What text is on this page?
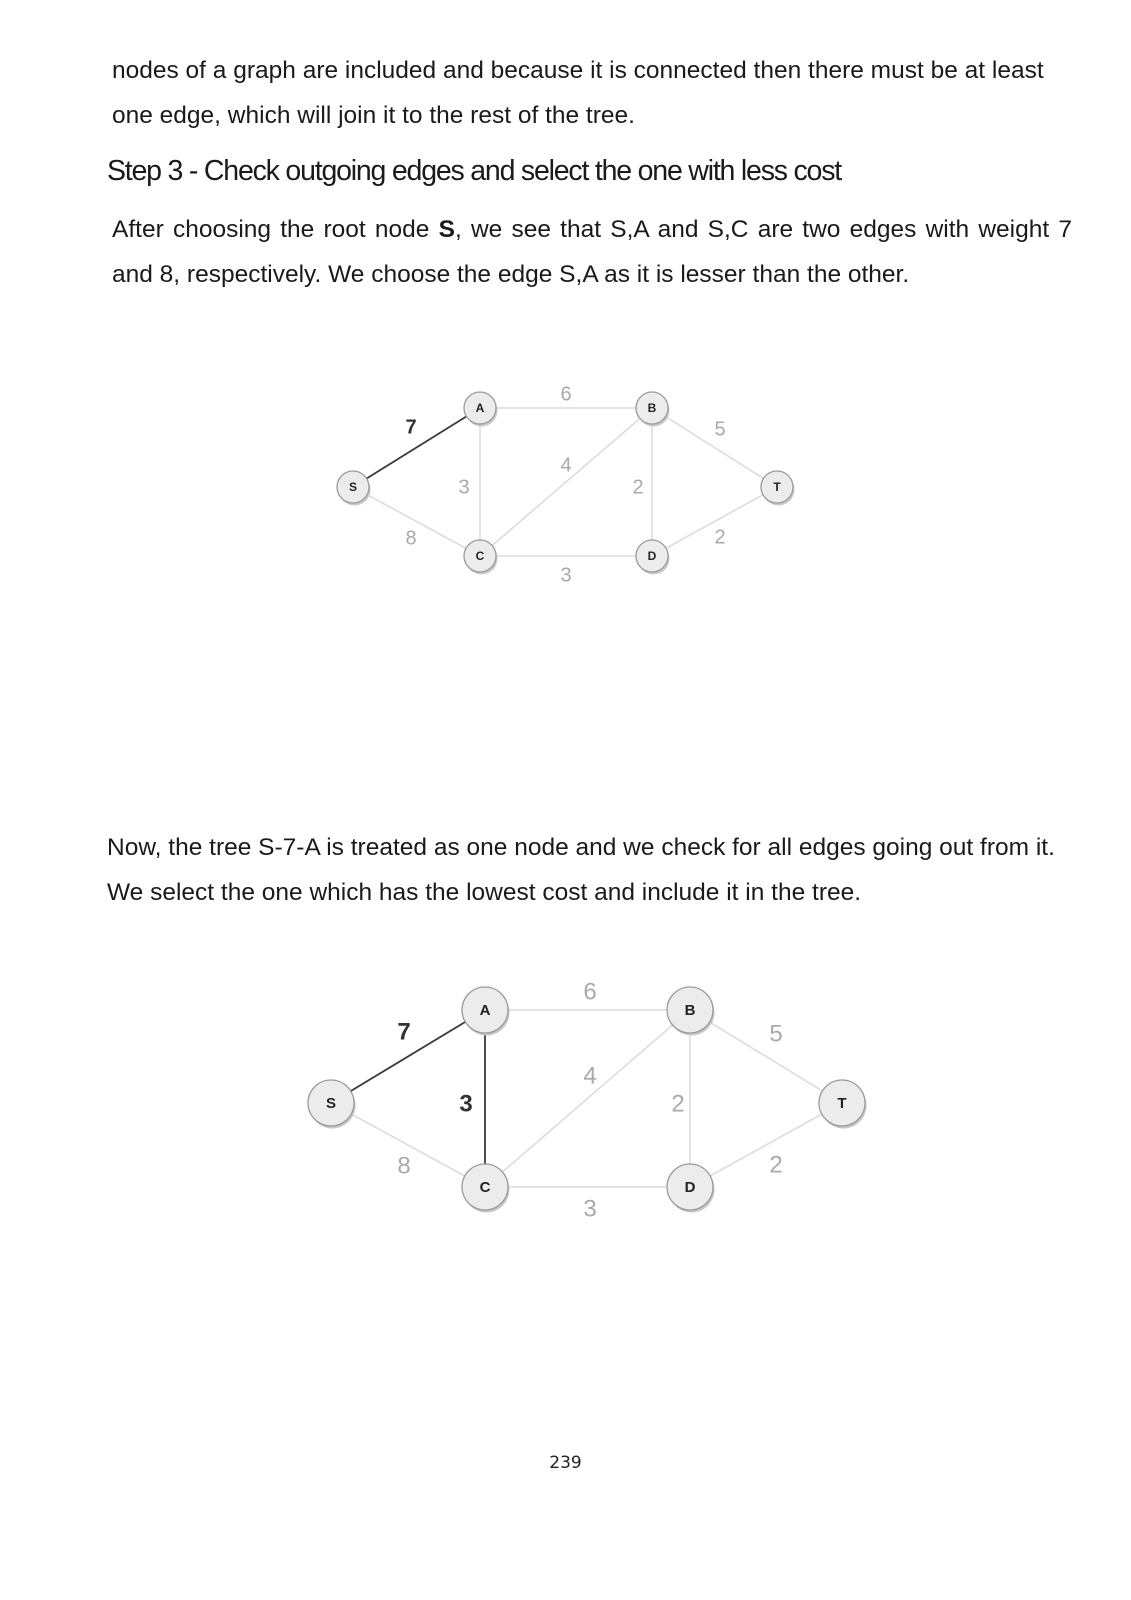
nodes of a graph are included and because it is connected then there must be at least one edge, which will join it to the rest of the tree.

Step 3 - Check outgoing edges and select the one with less cost

After choosing the root node S, we see that S,A and S,C are two edges with weight 7 and 8, respectively. We choose the edge S,A as it is lesser than the other.

7
8
6
3
4
2
3
5
2
S
A	B
C	D
T

Now, the tree S-7-A is treated as one node and we check for all edges going out from it. We select the one which has the lowest cost and include it in the tree.

7
8
6
3
4
2
3
5
2
S
A	B
C	D
T
239
